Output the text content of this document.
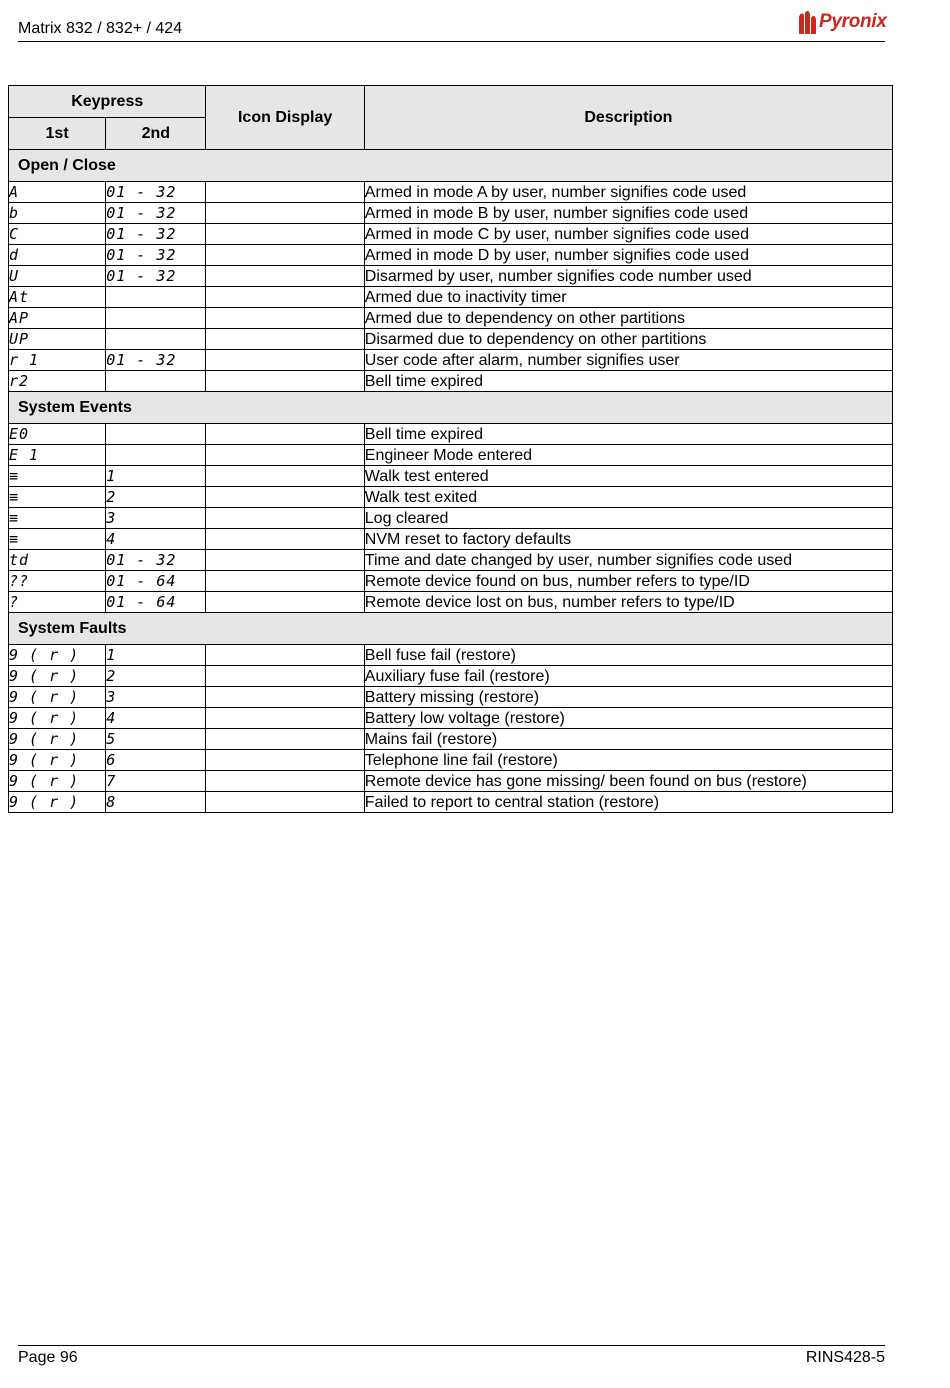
Matrix 832 / 832+ / 424	Pyronix
Keypress		Icon Display	Description
1st	2nd		
Open / Close			
A	01 - 32		Armed in mode A by user, number signifies code used
b	01 - 32		Armed in mode B by user, number signifies code used
C	01 - 32		Armed in mode C by user, number signifies code used
d	01 - 32		Armed in mode D by user, number signifies code used
U	01 - 32		Disarmed by user, number signifies code number used
At			Armed due to inactivity timer
AP			Armed due to dependency on other partitions
UP			Disarmed due to dependency on other partitions
r 1	01 - 32		User code after alarm, number signifies user
r2			Bell time expired
System Events			
E0			Bell time expired
E 1			Engineer Mode entered
≡	1		Walk test entered
≡	2		Walk test exited
≡	3		Log cleared
≡	4		NVM reset to factory defaults
td	01 - 32		Time and date changed by user, number signifies code used
??	01 - 64		Remote device found on bus, number refers to type/ID
?	01 - 64		Remote device lost on bus, number refers to type/ID
System Faults			
9 ( r )	1		Bell fuse fail (restore)
9 ( r )	2		Auxiliary fuse fail (restore)
9 ( r )	3		Battery missing (restore)
9 ( r )	4		Battery low voltage (restore)
9 ( r )	5		Mains fail (restore)
9 ( r )	6		Telephone line fail (restore)
9 ( r )	7		Remote device has gone missing/ been found on bus (restore)
9 ( r )	8		Failed to report to central station (restore)
Page 96	RINS428-5
